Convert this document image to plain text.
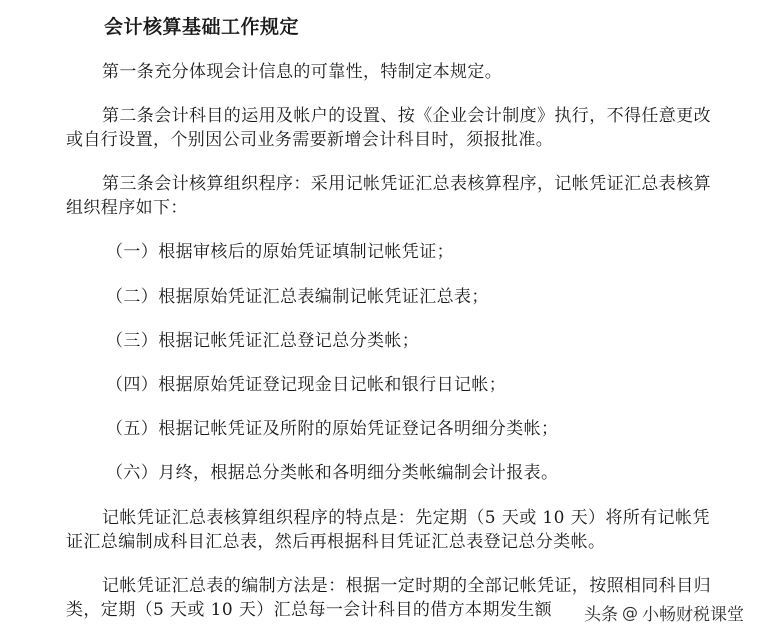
会计核算基础工作规定

第一条充分体现会计信息的可靠性，特制定本规定。

第二条会计科目的运用及帐户的设置、按《企业会计制度》执行，不得任意更改或自行设置，个别因公司业务需要新增会计科目时，须报批准。

第三条会计核算组织程序：采用记帐凭证汇总表核算程序，记帐凭证汇总表核算组织程序如下：

（一）根据审核后的原始凭证填制记帐凭证；

（二）根据原始凭证汇总表编制记帐凭证汇总表；

（三）根据记帐凭证汇总登记总分类帐；

（四）根据原始凭证登记现金日记帐和银行日记帐；

（五）根据记帐凭证及所附的原始凭证登记各明细分类帐；

（六）月终，根据总分类帐和各明细分类帐编制会计报表。

记帐凭证汇总表核算组织程序的特点是：先定期（5 天或 10 天）将所有记帐凭证汇总编制成科目汇总表，然后再根据科目凭证汇总表登记总分类帐。

记帐凭证汇总表的编制方法是：根据一定时期的全部记帐凭证，按照相同科目归类，定期（5 天或 10 天）汇总每一会计科目的借方本期发生额	头条 @ 小畅财税课堂
